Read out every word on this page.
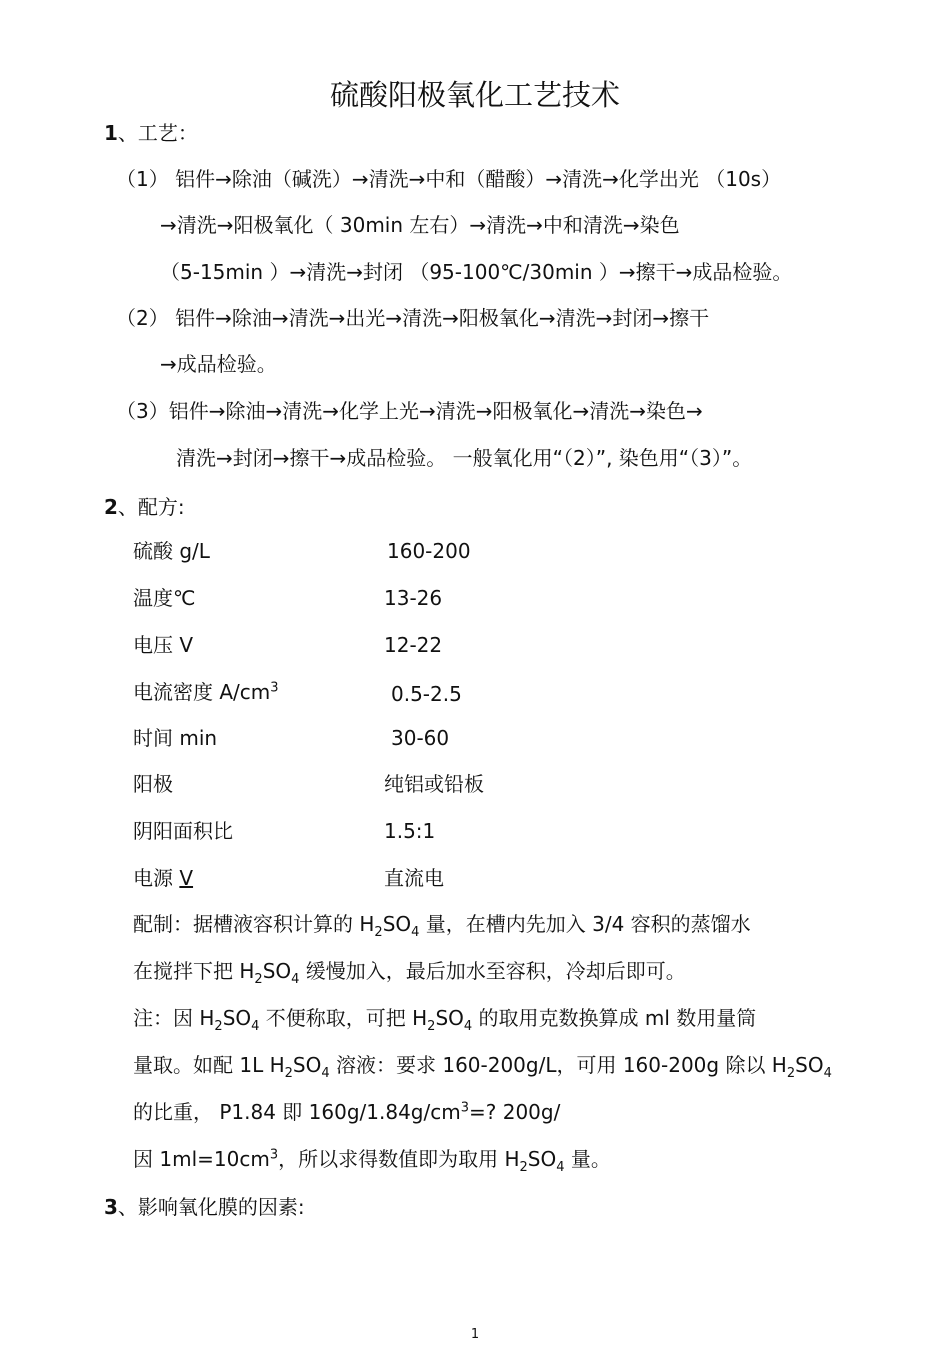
硫酸阳极氧化工艺技术
1、工艺：
（1） 铝件→除油（碱洗）→清洗→中和（醋酸）→清洗→化学出光 （10s）
→清洗→阳极氧化（ 30min 左右）→清洗→中和清洗→染色
（5-15min ）→清洗→封闭 （95-100℃/30min ）→擦干→成品检验。
（2） 铝件→除油→清洗→出光→清洗→阳极氧化→清洗→封闭→擦干
→成品检验。
（3）铝件→除油→清洗→化学上光→清洗→阳极氧化→清洗→染色→
清洗→封闭→擦干→成品检验。 一般氧化用“（2）”, 染色用“（3）”。
2、配方:
硫酸 g/L	160-200
温度℃	13-26
电压 V	12-22
电流密度 $A/cm^3$	0.5-2.5
时间 min	30-60
阳极	纯铝或铅板
阴阳面积比	1.5:1
电源 V	直流电
配制：据槽液容积计算的 $H_2SO_4$ 量，在槽内先加入 3/4 容积的蒸馏水
在搅拌下把 $H_2SO_4$ 缓慢加入，最后加水至容积，冷却后即可。
注：因 $H_2SO_4$ 不便称取，可把 $H_2SO_4$ 的取用克数换算成 ml 数用量筒
量取。如配 1L $H_2SO_4$ 溶液：要求 160-200g/L，可用 160-200g 除以 $H_2SO_4$
的比重， P1.84 即 $160g/1.84g/cm^3=$? 200g/
因 $1ml=10cm^3$，所以求得数值即为取用 $H_2SO_4$ 量。
3、影响氧化膜的因素:
1
